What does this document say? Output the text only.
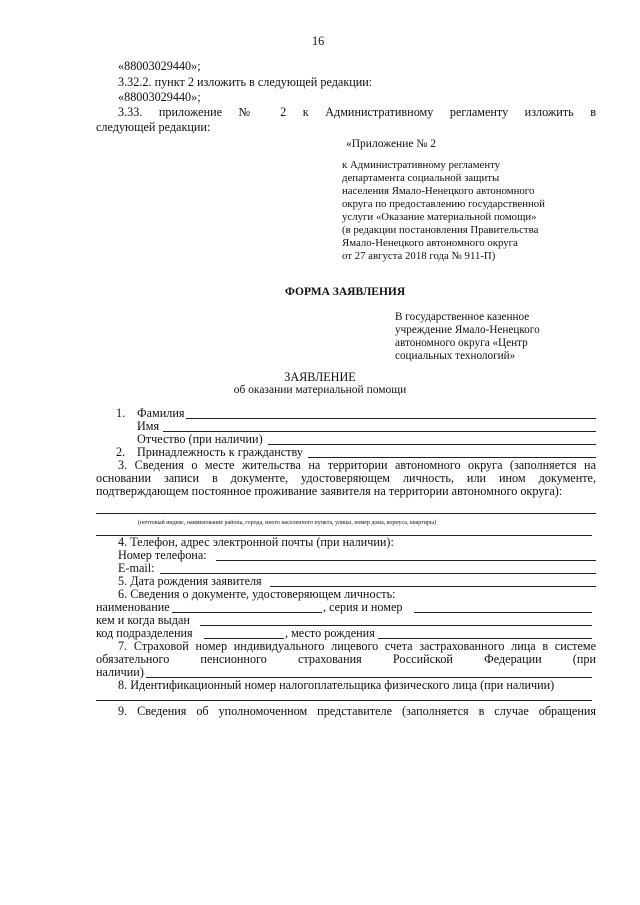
16
«88003029440»;
3.32.2. пункт 2 изложить в следующей редакции:
«88003029440»;
3.33. приложение № 2 к Административному регламенту изложить в
следующей редакции:
«Приложение № 2
к Административному регламенту
департамента социальной защиты
населения Ямало-Ненецкого автономного
округа по предоставлению государственной
услуги «Оказание материальной помощи»
(в редакции постановления Правительства
Ямало-Ненецкого автономного округа
от 27 августа 2018 года № 911-П)
ФОРМА ЗАЯВЛЕНИЯ
В государственное казенное
учреждение Ямало-Ненецкого
автономного округа «Центр
социальных технологий»
ЗАЯВЛЕНИЕ
об оказании материальной помощи
1. Фамилия
Имя
Отчество (при наличии)
2. Принадлежность к гражданству
3. Сведения о месте жительства на территории автономного округа (заполняется на
основании записи в документе, удостоверяющем личность, или ином документе,
подтверждающем постоянное проживание заявителя на территории автономного округа):
(почтовый индекс, наименование района, города, иного населенного пункта, улицы, номер дома, корпуса, квартиры)
4. Телефон, адрес электронной почты (при наличии):
Номер телефона:
E-mail:
5. Дата рождения заявителя
6. Сведения о документе, удостоверяющем личность:
наименование	, серия и номер
кем и когда выдан
код подразделения	, место рождения
7. Страховой номер индивидуального лицевого счета застрахованного лица в системе
обязательного пенсионного страхования Российской Федерации (при
наличии)
8. Идентификационный номер налогоплательщика физического лица (при наличии)
9. Сведения об уполномоченном представителе (заполняется в случае обращения
